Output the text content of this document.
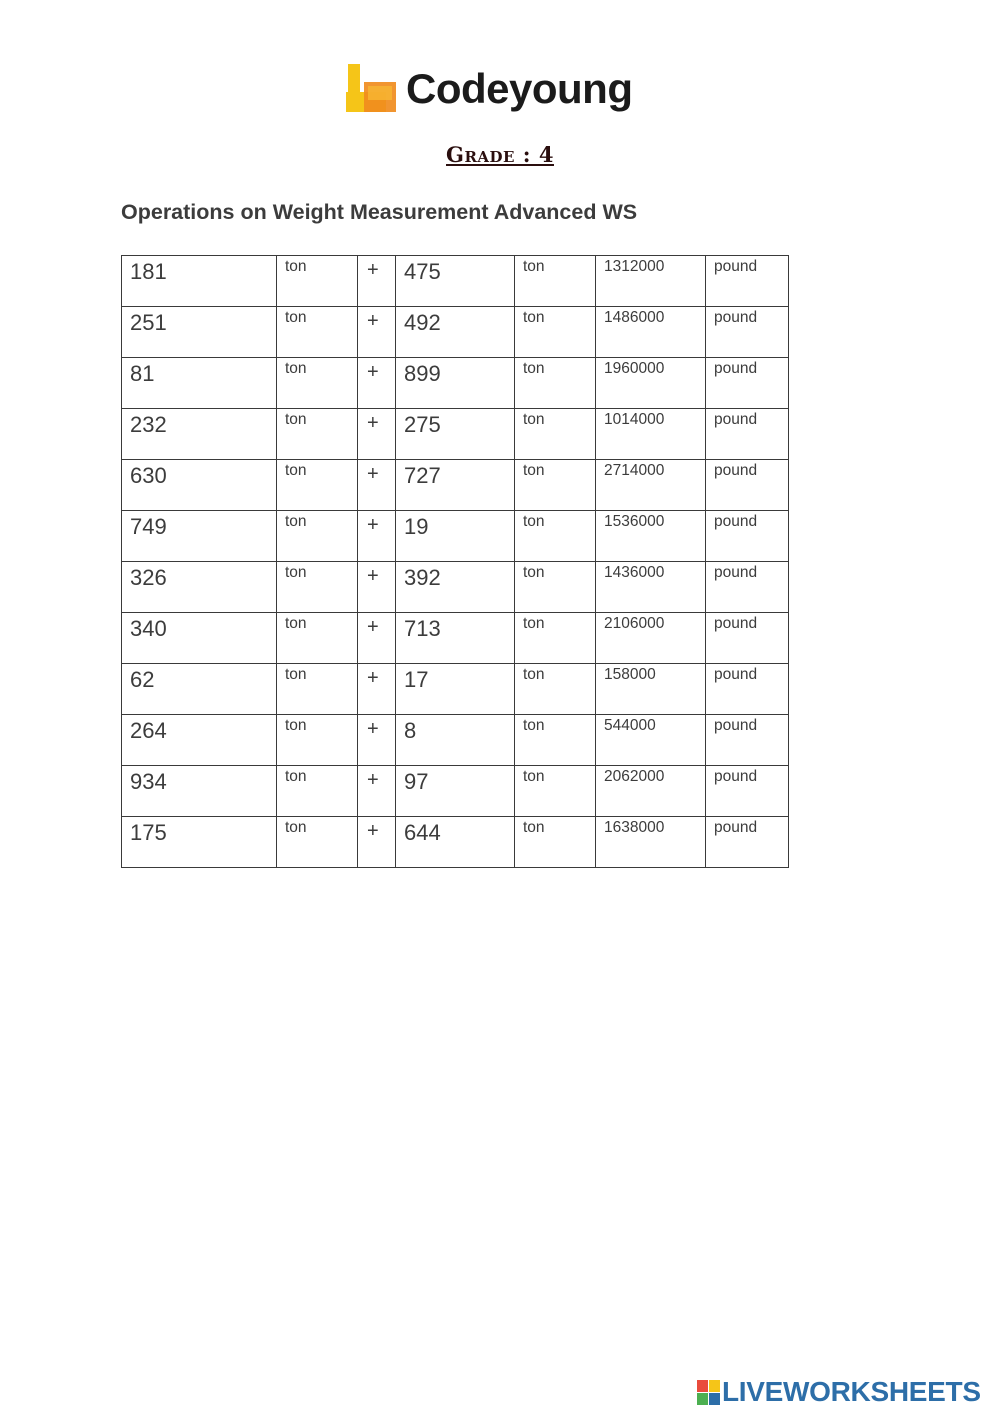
Codeyoung
Grade : 4
Operations on Weight Measurement Advanced WS
181	ton	+	475	ton	1312000	pound
251	ton	+	492	ton	1486000	pound
81	ton	+	899	ton	1960000	pound
232	ton	+	275	ton	1014000	pound
630	ton	+	727	ton	2714000	pound
749	ton	+	19	ton	1536000	pound
326	ton	+	392	ton	1436000	pound
340	ton	+	713	ton	2106000	pound
62	ton	+	17	ton	158000	pound
264	ton	+	8	ton	544000	pound
934	ton	+	97	ton	2062000	pound
175	ton	+	644	ton	1638000	pound
LIVEWORKSHEETS
